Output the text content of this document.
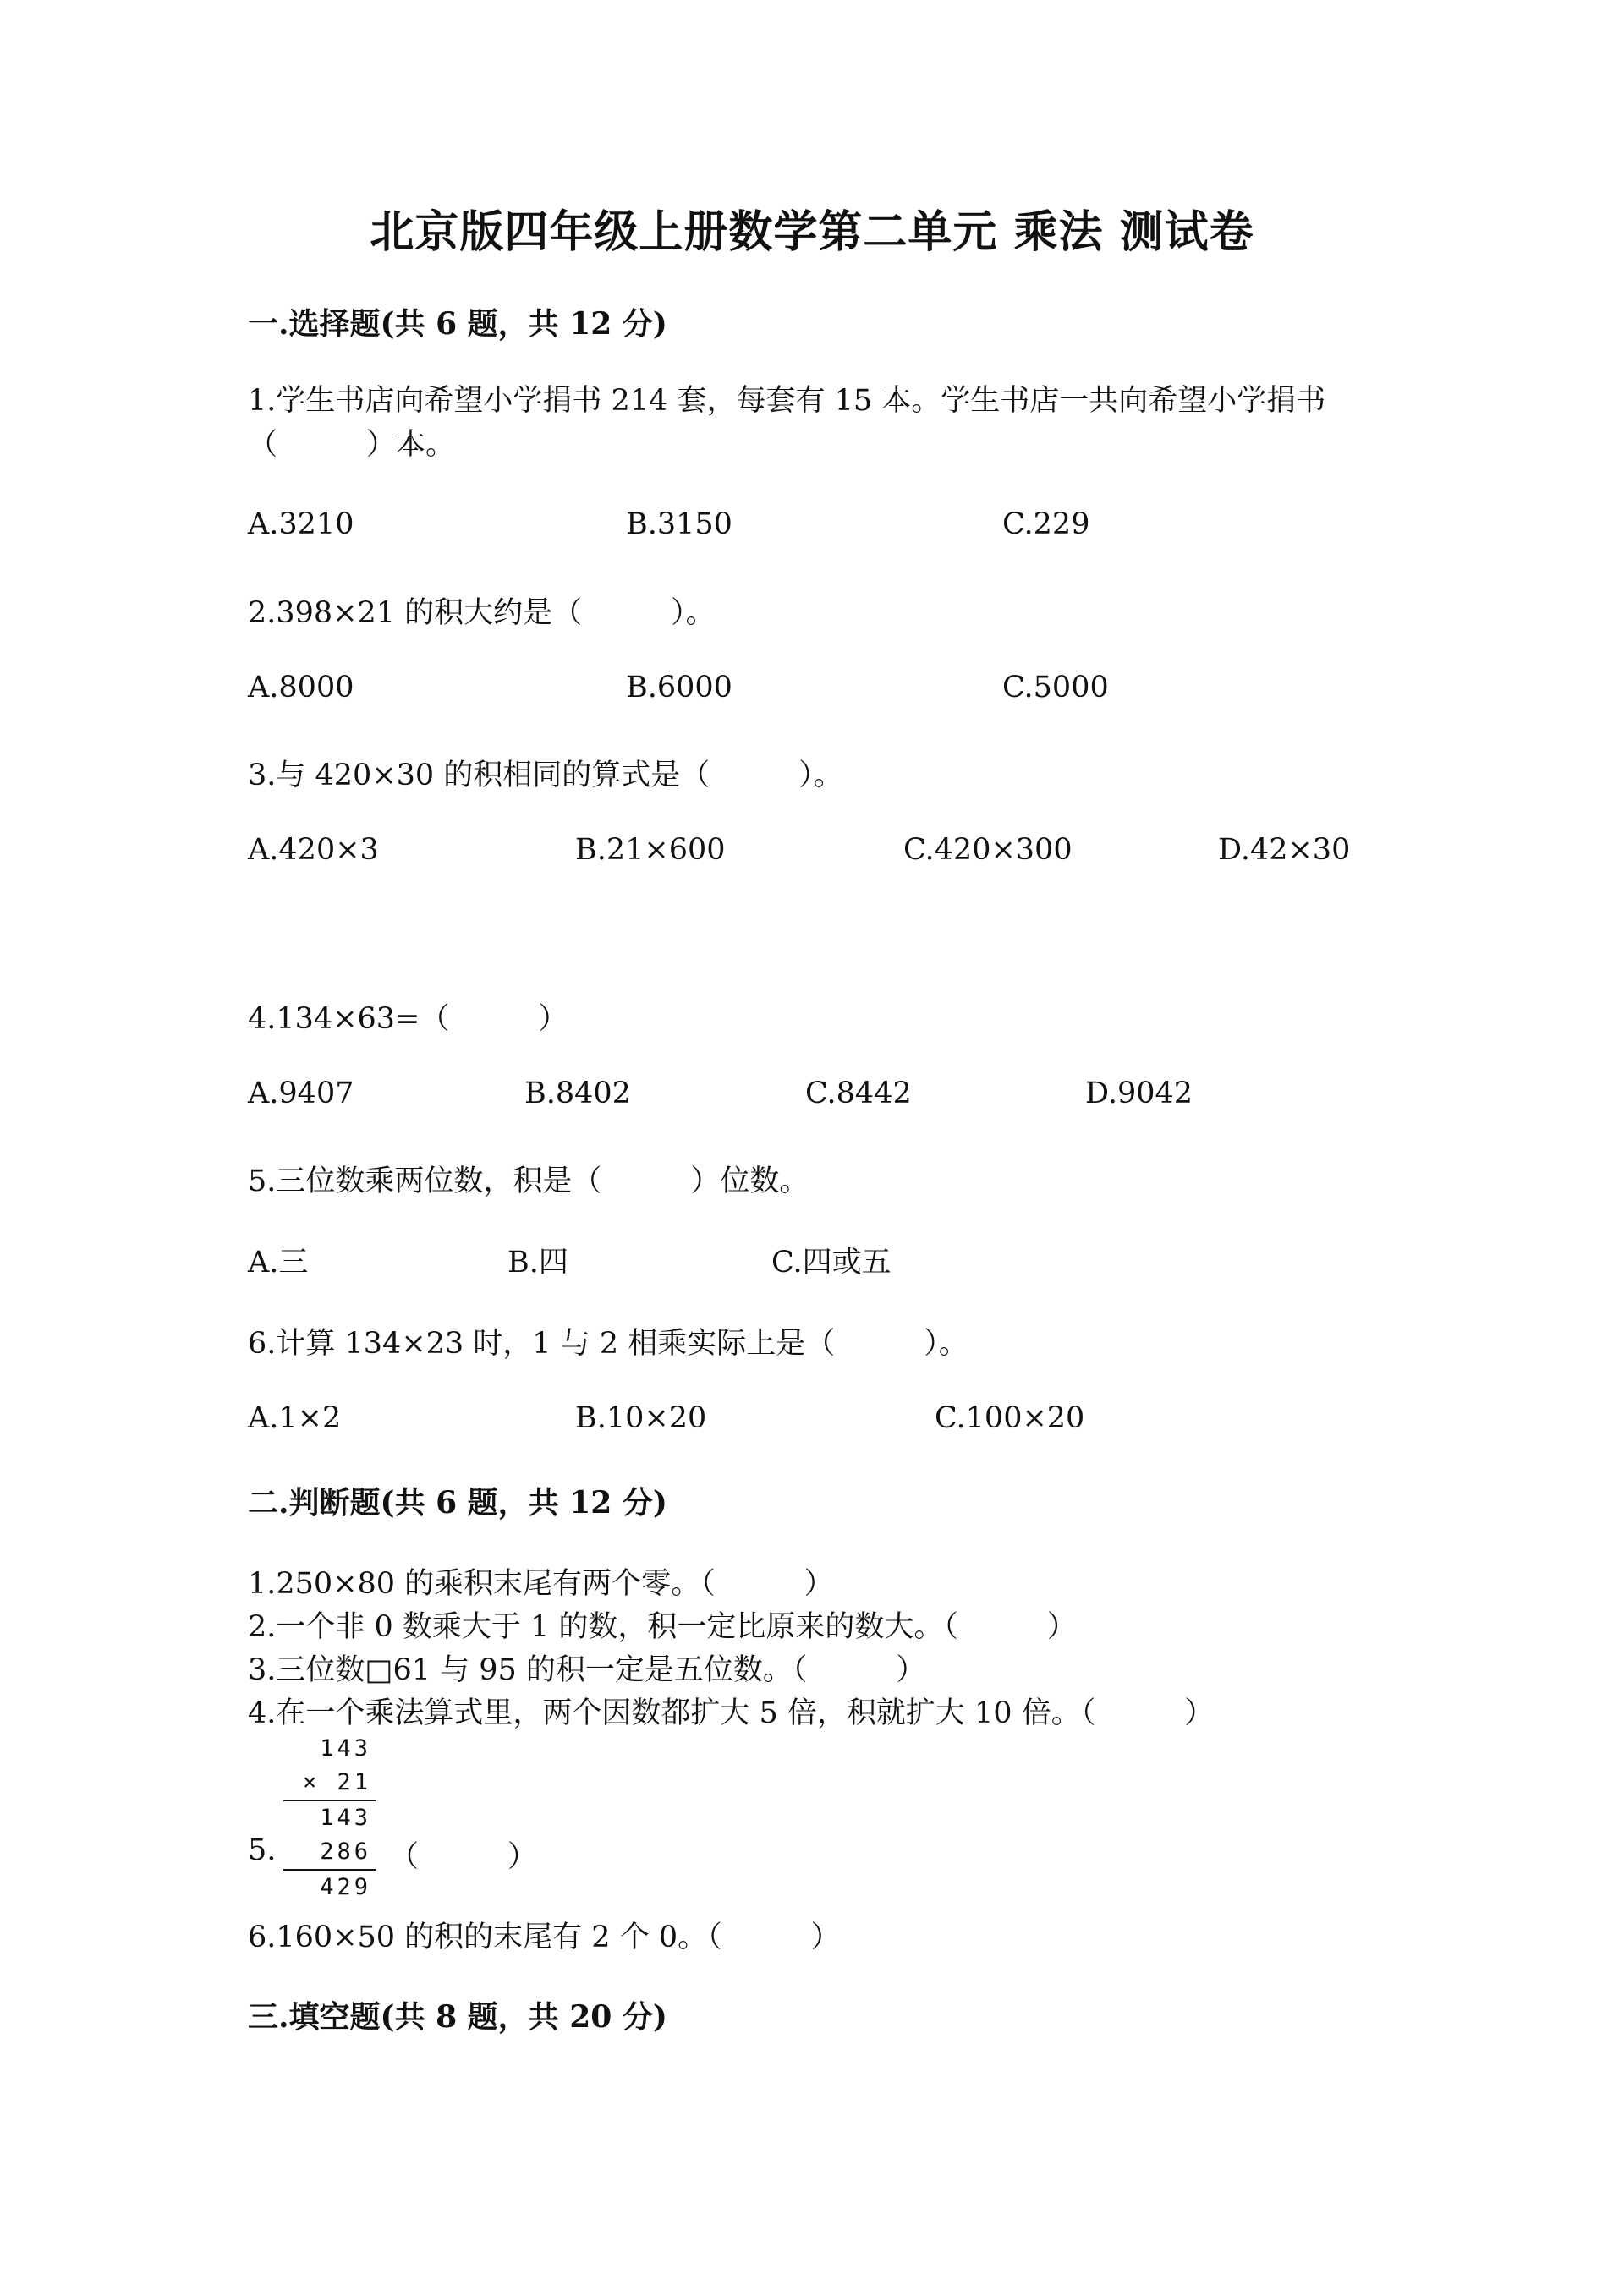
北京版四年级上册数学第二单元 乘法 测试卷
一.选择题(共 6 题，共 12 分)
1.学生书店向希望小学捐书 214 套，每套有 15 本。学生书店一共向希望小学捐书（　　　）本。
A.3210	B.3150	C.229
2.398×21 的积大约是（　　　）。
A.8000	B.6000	C.5000
3.与 420×30 的积相同的算式是（　　　）。
A.420×3	B.21×600	C.420×300	D.42×30
4.134×63=（　　　）
A.9407	B.8402	C.8442	D.9042
5.三位数乘两位数，积是（　　　）位数。
A.三	B.四	C.四或五
6.计算 134×23 时，1 与 2 相乘实际上是（　　　）。
A.1×2	B.10×20	C.100×20
二.判断题(共 6 题，共 12 分)
1.250×80 的乘积末尾有两个零。（　　　）
2.一个非 0 数乘大于 1 的数，积一定比原来的数大。（　　　）
3.三位数□61 与 95 的积一定是五位数。（　　　）
4.在一个乘法算式里，两个因数都扩大 5 倍，积就扩大 10 倍。（　　　）
5.
143
× 21
143
286
429
（　　　）
6.160×50 的积的末尾有 2 个 0。（　　　）
三.填空题(共 8 题，共 20 分)
